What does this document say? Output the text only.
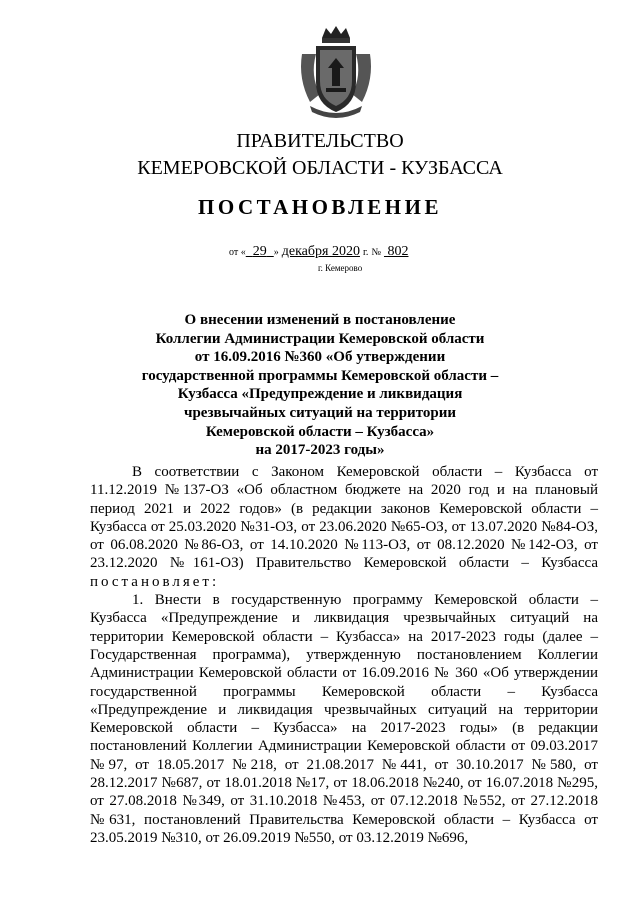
ПРАВИТЕЛЬСТВО
КЕМЕРОВСКОЙ ОБЛАСТИ - КУЗБАССА
ПОСТАНОВЛЕНИЕ
от « 29 » декабря 2020 г. № 802
г. Кемерово
О внесении изменений в постановление
Коллегии Администрации Кемеровской области
от 16.09.2016 №360 «Об утверждении
государственной программы Кемеровской области –
Кузбасса «Предупреждение и ликвидация
чрезвычайных ситуаций на территории
Кемеровской области – Кузбасса»
на 2017-2023 годы»

В соответствии с Законом Кемеровской области – Кузбасса от 11.12.2019 №137-ОЗ «Об областном бюджете на 2020 год и на плановый период 2021 и 2022 годов» (в редакции законов Кемеровской области – Кузбасса от 25.03.2020 №31-ОЗ, от 23.06.2020 №65-ОЗ, от 13.07.2020 №84-ОЗ, от 06.08.2020 №86-ОЗ, от 14.10.2020 №113-ОЗ, от 08.12.2020 №142-ОЗ, от 23.12.2020 №161-ОЗ) Правительство Кемеровской области – Кузбасса постановляет:

1. Внести в государственную программу Кемеровской области – Кузбасса «Предупреждение и ликвидация чрезвычайных ситуаций на территории Кемеровской области – Кузбасса» на 2017-2023 годы (далее – Государственная программа), утвержденную постановлением Коллегии Администрации Кемеровской области от 16.09.2016 № 360 «Об утверждении государственной программы Кемеровской области – Кузбасса «Предупреждение и ликвидация чрезвычайных ситуаций на территории Кемеровской области – Кузбасса» на 2017-2023 годы» (в редакции постановлений Коллегии Администрации Кемеровской области от 09.03.2017 №97, от 18.05.2017 №218, от 21.08.2017 №441, от 30.10.2017 №580, от 28.12.2017 №687, от 18.01.2018 №17, от 18.06.2018 №240, от 16.07.2018 №295, от 27.08.2018 №349, от 31.10.2018 №453, от 07.12.2018 №552, от 27.12.2018 №631, постановлений Правительства Кемеровской области – Кузбасса от 23.05.2019 №310, от 26.09.2019 №550, от 03.12.2019 №696,
